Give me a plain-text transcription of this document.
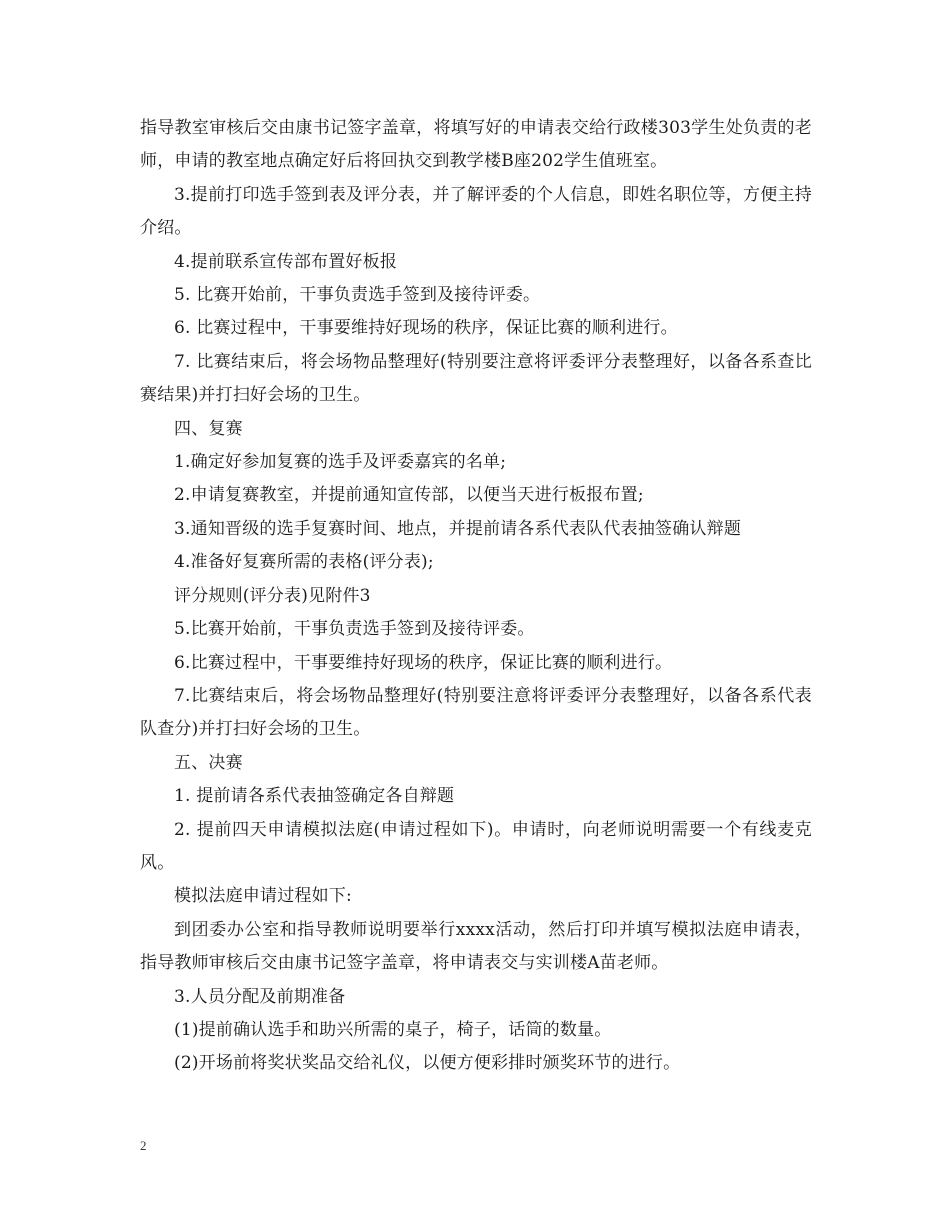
指导教室审核后交由康书记签字盖章，将填写好的申请表交给行政楼303学生处负责的老师，申请的教室地点确定好后将回执交到教学楼B座202学生值班室。

3.提前打印选手签到表及评分表，并了解评委的个人信息，即姓名职位等，方便主持介绍。

4.提前联系宣传部布置好板报

5. 比赛开始前，干事负责选手签到及接待评委。

6. 比赛过程中，干事要维持好现场的秩序，保证比赛的顺利进行。

7. 比赛结束后，将会场物品整理好(特别要注意将评委评分表整理好，以备各系查比赛结果)并打扫好会场的卫生。

四、复赛

1.确定好参加复赛的选手及评委嘉宾的名单;

2.申请复赛教室，并提前通知宣传部，以便当天进行板报布置;

3.通知晋级的选手复赛时间、地点，并提前请各系代表队代表抽签确认辩题

4.准备好复赛所需的表格(评分表);

评分规则(评分表)见附件3

5.比赛开始前，干事负责选手签到及接待评委。

6.比赛过程中，干事要维持好现场的秩序，保证比赛的顺利进行。

7.比赛结束后，将会场物品整理好(特别要注意将评委评分表整理好，以备各系代表队查分)并打扫好会场的卫生。

五、决赛

1. 提前请各系代表抽签确定各自辩题

2. 提前四天申请模拟法庭(申请过程如下)。申请时，向老师说明需要一个有线麦克风。

模拟法庭申请过程如下:

到团委办公室和指导教师说明要举行xxxx活动，然后打印并填写模拟法庭申请表，指导教师审核后交由康书记签字盖章，将申请表交与实训楼A苗老师。

3.人员分配及前期准备

(1)提前确认选手和助兴所需的桌子，椅子，话筒的数量。

(2)开场前将奖状奖品交给礼仪，以便方便彩排时颁奖环节的进行。

2
